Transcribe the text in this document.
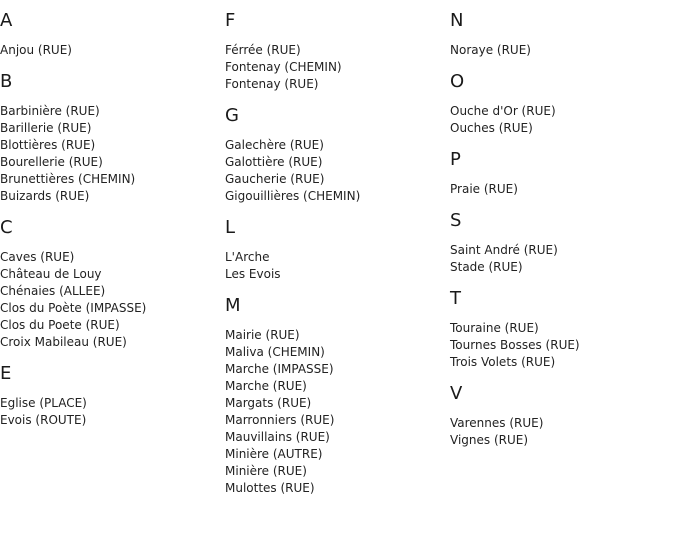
A
Anjou (RUE)
B
Barbinière (RUE)
Barillerie (RUE)
Blottières (RUE)
Bourellerie (RUE)
Brunettières (CHEMIN)
Buizards (RUE)
C
Caves (RUE)
Château de Louy
Chénaies (ALLEE)
Clos du Poète (IMPASSE)
Clos du Poete (RUE)
Croix Mabileau (RUE)
E
Eglise (PLACE)
Evois (ROUTE)
F
Férrée (RUE)
Fontenay (CHEMIN)
Fontenay (RUE)
G
Galechère (RUE)
Galottière (RUE)
Gaucherie (RUE)
Gigouillières (CHEMIN)
L
L'Arche
Les Evois
M
Mairie (RUE)
Maliva (CHEMIN)
Marche (IMPASSE)
Marche (RUE)
Margats (RUE)
Marronniers (RUE)
Mauvillains (RUE)
Minière (AUTRE)
Minière (RUE)
Mulottes (RUE)
N
Noraye (RUE)
O
Ouche d'Or (RUE)
Ouches (RUE)
P
Praie (RUE)
S
Saint André (RUE)
Stade (RUE)
T
Touraine (RUE)
Tournes Bosses (RUE)
Trois Volets (RUE)
V
Varennes (RUE)
Vignes (RUE)
